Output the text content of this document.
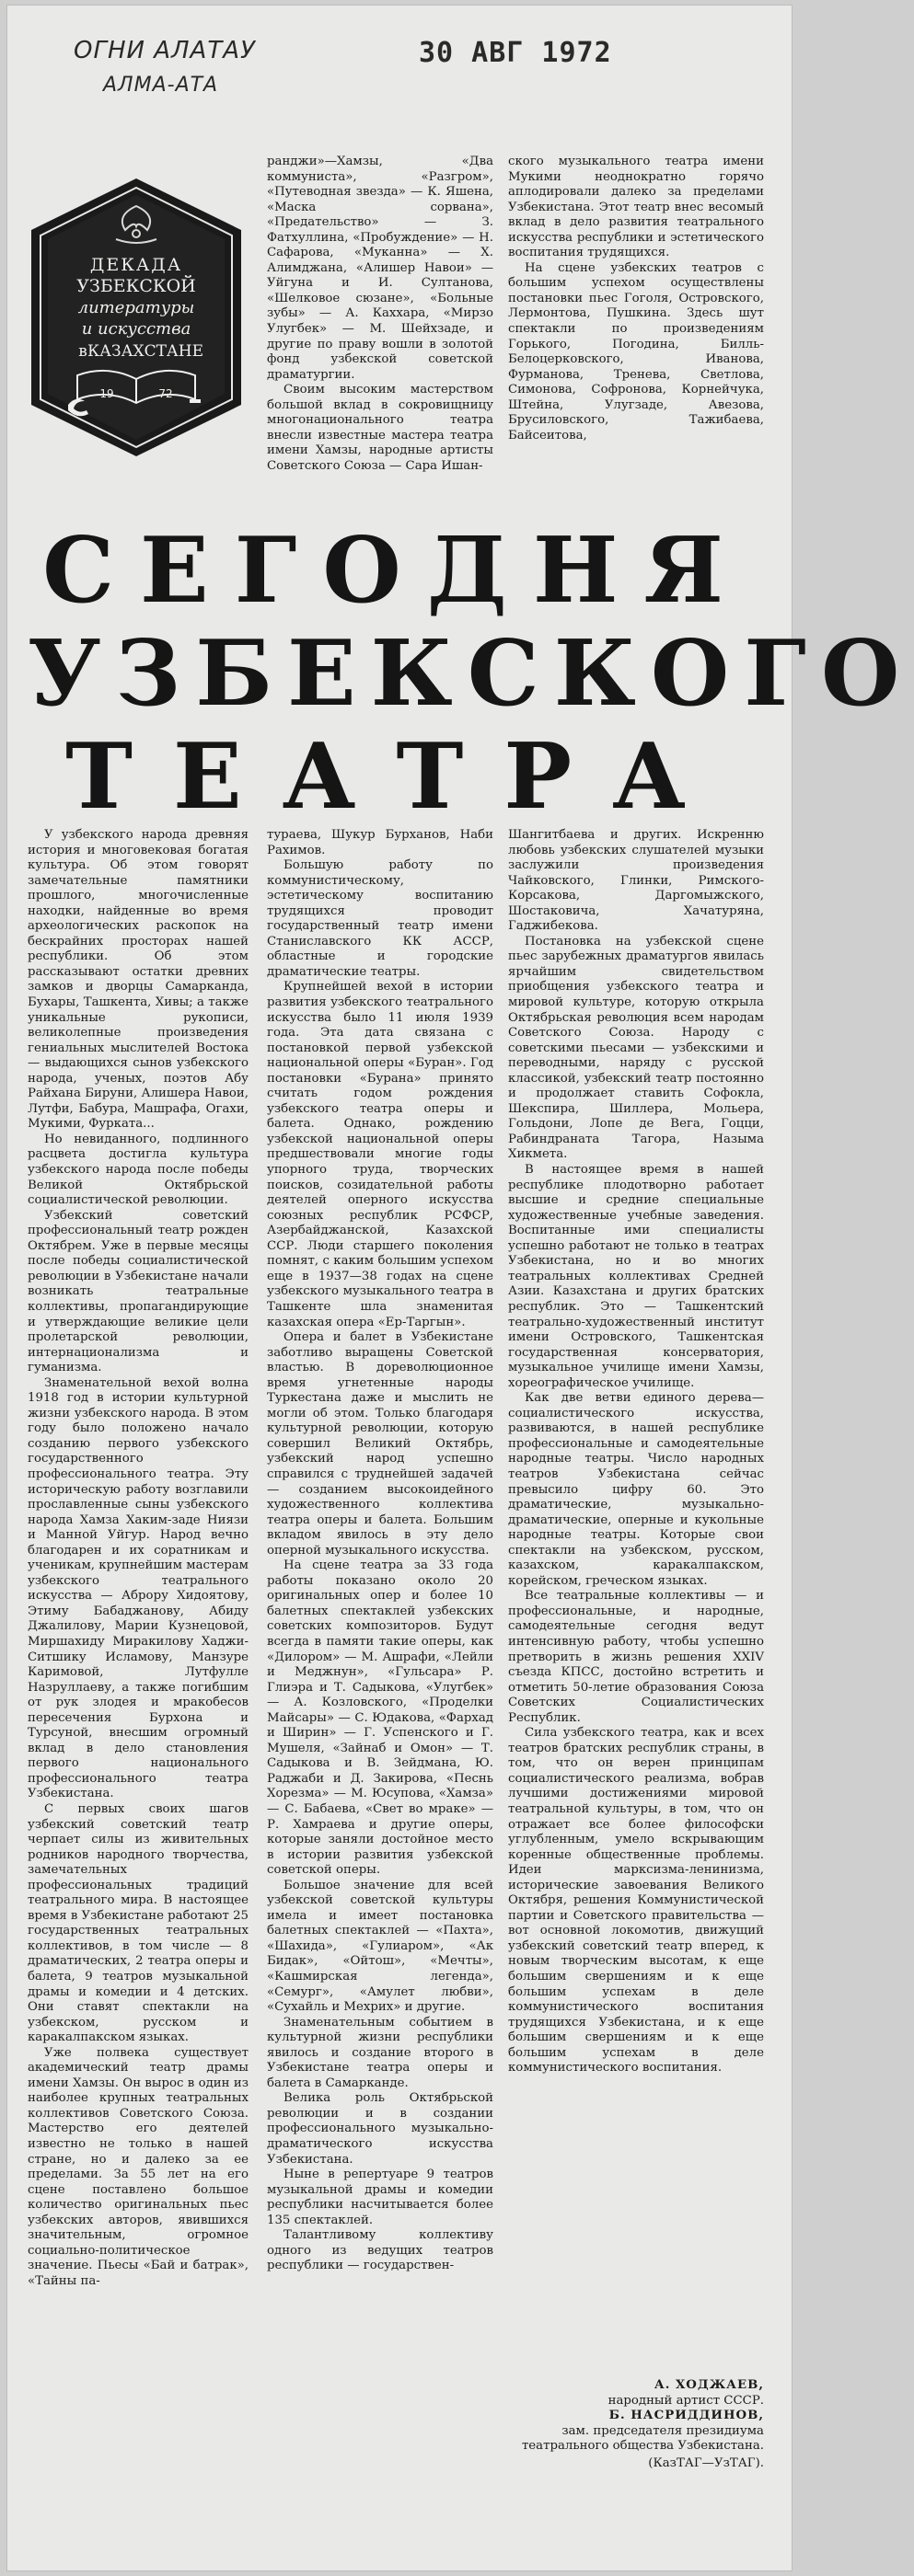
ОГНИ АЛАТАУ
АЛМА-АТА
30 АВГ 1972
ДЕКАДА
УЗБЕКСКОЙ
литературы
и искусства
в КАЗАХСТАНЕ
19	72

ранджи»—Хамзы, «Два коммуниста», «Разгром», «Путеводная звезда» — К. Яшена, «Маска сорвана», «Предательство» — З. Фатхуллина, «Пробуждение» — Н. Сафарова, «Муканна» — Х. Алимджана, «Алишер Навои» — Уйгуна и И. Султанова, «Шелковое сюзане», «Больные зубы» — А. Каххара, «Мирзо Улугбек» — М. Шейхзаде, и другие по праву вошли в золотой фонд узбекской советской драматургии.

Своим высоким мастерством большой вклад в сокровищницу многонационального театра внесли известные мастера театра имени Хамзы, народные артисты Советского Союза — Сара Ишан-

ского музыкального театра имени Мукими неоднократно горячо аплодировали далеко за пределами Узбекистана. Этот театр внес весомый вклад в дело развития театрального искусства республики и эстетического воспитания трудящихся.

На сцене узбекских театров с большим успехом осуществлены постановки пьес Гоголя, Островского, Лермонтова, Пушкина. Здесь шут спектакли по произведениям Горького, Погодина, Билль-Белоцерковского, Иванова, Фурманова, Тренева, Светлова, Симонова, Софронова, Корнейчука, Штейна, Улугзаде, Авезова, Брусиловского, Тажибаева, Байсеитова,

СЕГОДНЯ
УЗБЕКСКОГО
ТЕАТРА

У узбекского народа древняя история и многовековая богатая культура. Об этом говорят замечательные памятники прошлого, многочисленные находки, найденные во время археологических раскопок на бескрайних просторах нашей республики. Об этом рассказывают остатки древних замков и дворцы Самарканда, Бухары, Ташкента, Хивы; а также уникальные рукописи, великолепные произведения гениальных мыслителей Востока — выдающихся сынов узбекского народа, ученых, поэтов Абу Райхана Бируни, Алишера Навои, Лутфи, Бабура, Машрафа, Огахи, Мукими, Фурката...

Но невиданного, подлинного расцвета достигла культура узбекского народа после победы Великой Октябрьской социалистической революции.

Узбекский советский профессиональный театр рожден Октябрем. Уже в первые месяцы после победы социалистической революции в Узбекистане начали возникать театральные коллективы, пропагандирующие и утверждающие великие цели пролетарской революции, интернационализма и гуманизма.

Знаменательной вехой волна 1918 год в истории культурной жизни узбекского народа. В этом году было положено начало созданию первого узбекского государственного профессионального театра. Эту историческую работу возглавили прославленные сыны узбекского народа Хамза Хаким-заде Ниязи и Манной Уйгур. Народ вечно благодарен и их соратникам и ученикам, крупнейшим мастерам узбекского театрального искусства — Аброру Хидоятову, Этиму Бабаджанову, Абиду Джалилову, Марии Кузнецовой, Миршахиду Миракилову Хаджи-Ситшику Исламову, Манзуре Каримовой, Лутфулле Назруллаеву, а также погибшим от рук злодея и мракобесов пересечения Бурхона и Турсуной, внесшим огромный вклад в дело становления первого национального профессионального театра Узбекистана.

С первых своих шагов узбекский советский театр черпает силы из живительных родников народного творчества, замечательных профессиональных традиций театрального мира. В настоящее время в Узбекистане работают 25 государственных театральных коллективов, в том числе — 8 драматических, 2 театра оперы и балета, 9 театров музыкальной драмы и комедии и 4 детских. Они ставят спектакли на узбекском, русском и каракалпакском языках.

Уже полвека существует академический театр драмы имени Хамзы. Он вырос в один из наиболее крупных театральных коллективов Советского Союза. Мастерство его деятелей известно не только в нашей стране, но и далеко за ее пределами. За 55 лет на его сцене поставлено большое количество оригинальных пьес узбекских авторов, явившихся значительным, огромное социально-политическое значение. Пьесы «Бай и батрак», «Тайны па-

тураева, Шукур Бурханов, Наби Рахимов.

Большую работу по коммунистическому, эстетическому воспитанию трудящихся проводит государственный театр имени Станиславского КК АССР, областные и городские драматические театры.

Крупнейшей вехой в истории развития узбекского театрального искусства было 11 июля 1939 года. Эта дата связана с постановкой первой узбекской национальной оперы «Буран». Год постановки «Бурана» принято считать годом рождения узбекского театра оперы и балета. Однако, рождению узбекской национальной оперы предшествовали многие годы упорного труда, творческих поисков, созидательной работы деятелей оперного искусства союзных республик РСФСР, Азербайджанской, Казахской ССР. Люди старшего поколения помнят, с каким большим успехом еще в 1937—38 годах на сцене узбекского музыкального театра в Ташкенте шла знаменитая казахская опера «Ер-Таргын».

Опера и балет в Узбекистане заботливо выращены Советской властью. В дореволюционное время угнетенные народы Туркестана даже и мыслить не могли об этом. Только благодаря культурной революции, которую совершил Великий Октябрь, узбекский народ успешно справился с труднейшей задачей — созданием высокоидейного художественного коллектива театра оперы и балета. Большим вкладом явилось в эту дело оперной музыкального искусства.

На сцене театра за 33 года работы показано около 20 оригинальных опер и более 10 балетных спектаклей узбекских советских композиторов. Будут всегда в памяти такие оперы, как «Дилором» — М. Ашрафи, «Лейли и Меджнун», «Гульсара» Р. Глиэра и Т. Садыкова, «Улугбек» — А. Козловского, «Проделки Майсары» — С. Юдакова, «Фархад и Ширин» — Г. Успенского и Г. Мушеля, «Зайнаб и Омон» — Т. Садыкова и В. Зейдмана, Ю. Раджаби и Д. Закирова, «Песнь Хорезма» — М. Юсупова, «Хамза» — С. Бабаева, «Свет во мраке» — Р. Хамраева и другие оперы, которые заняли достойное место в истории развития узбекской советской оперы.

Большое значение для всей узбекской советской культуры имела и имеет постановка балетных спектаклей — «Пахта», «Шахида», «Гулиаром», «Ак Бидак», «Ойтош», «Мечты», «Кашмирская легенда», «Семург», «Амулет любви», «Сухайль и Мехрих» и другие.

Знаменательным событием в культурной жизни республики явилось и создание второго в Узбекистане театра оперы и балета в Самарканде.

Велика роль Октябрьской революции и в создании профессионального музыкально-драматического искусства Узбекистана.

Ныне в репертуаре 9 театров музыкальной драмы и комедии республики насчитывается более 135 спектаклей.

Талантливому коллективу одного из ведущих театров республики — государствен-

Шангитбаева и других. Искренню любовь узбекских слушателей музыки заслужили произведения Чайковского, Глинки, Римского-Корсакова, Даргомыжского, Шостаковича, Хачатуряна, Гаджибекова.

Постановка на узбекской сцене пьес зарубежных драматургов явилась ярчайшим свидетельством приобщения узбекского театра и мировой культуре, которую открыла Октябрьская революция всем народам Советского Союза. Народу с советскими пьесами — узбекскими и переводными, наряду с русской классикой, узбекский театр постоянно и продолжает ставить Софокла, Шекспира, Шиллера, Мольера, Гольдони, Лопе де Вега, Гоцци, Рабиндраната Тагора, Назыма Хикмета.

В настоящее время в нашей республике плодотворно работает высшие и средние специальные художественные учебные заведения. Воспитанные ими специалисты успешно работают не только в театрах Узбекистана, но и во многих театральных коллективах Средней Азии. Казахстана и других братских республик. Это — Ташкентский театрально-художественный институт имени Островского, Ташкентская государственная консерватория, музыкальное училище имени Хамзы, хореографическое училище.

Как две ветви единого дерева—социалистического искусства, развиваются, в нашей республике профессиональные и самодеятельные народные театры. Число народных театров Узбекистана сейчас превысило цифру 60. Это драматические, музыкально-драматические, оперные и кукольные народные театры. Которые свои спектакли на узбекском, русском, казахском, каракалпакском, корейском, греческом языках.

Все театральные коллективы — и профессиональные, и народные, самодеятельные сегодня ведут интенсивную работу, чтобы успешно претворить в жизнь решения XXIV съезда КПСС, достойно встретить и отметить 50-летие образования Союза Советских Социалистических Республик.

Сила узбекского театра, как и всех театров братских республик страны, в том, что он верен принципам социалистического реализма, вобрав лучшими достижениями мировой театральной культуры, в том, что он отражает все более философски углубленным, умело вскрывающим коренные общественные проблемы. Идеи марксизма-ленинизма, исторические завоевания Великого Октября, решения Коммунистической партии и Советского правительства — вот основной локомотив, движущий узбекский советский театр вперед, к новым творческим высотам, к еще большим свершениям и к еще большим успехам в деле коммунистического воспитания трудящихся Узбекистана, и к еще большим свершениям и к еще большим успехам в деле коммунистического воспитания.

А. ХОДЖАЕВ,
народный артист СССР.
Б. НАСРИДДИНОВ,
зам. председателя президиума театрального общества Узбекистана.
(КазТАГ—УзТАГ).
